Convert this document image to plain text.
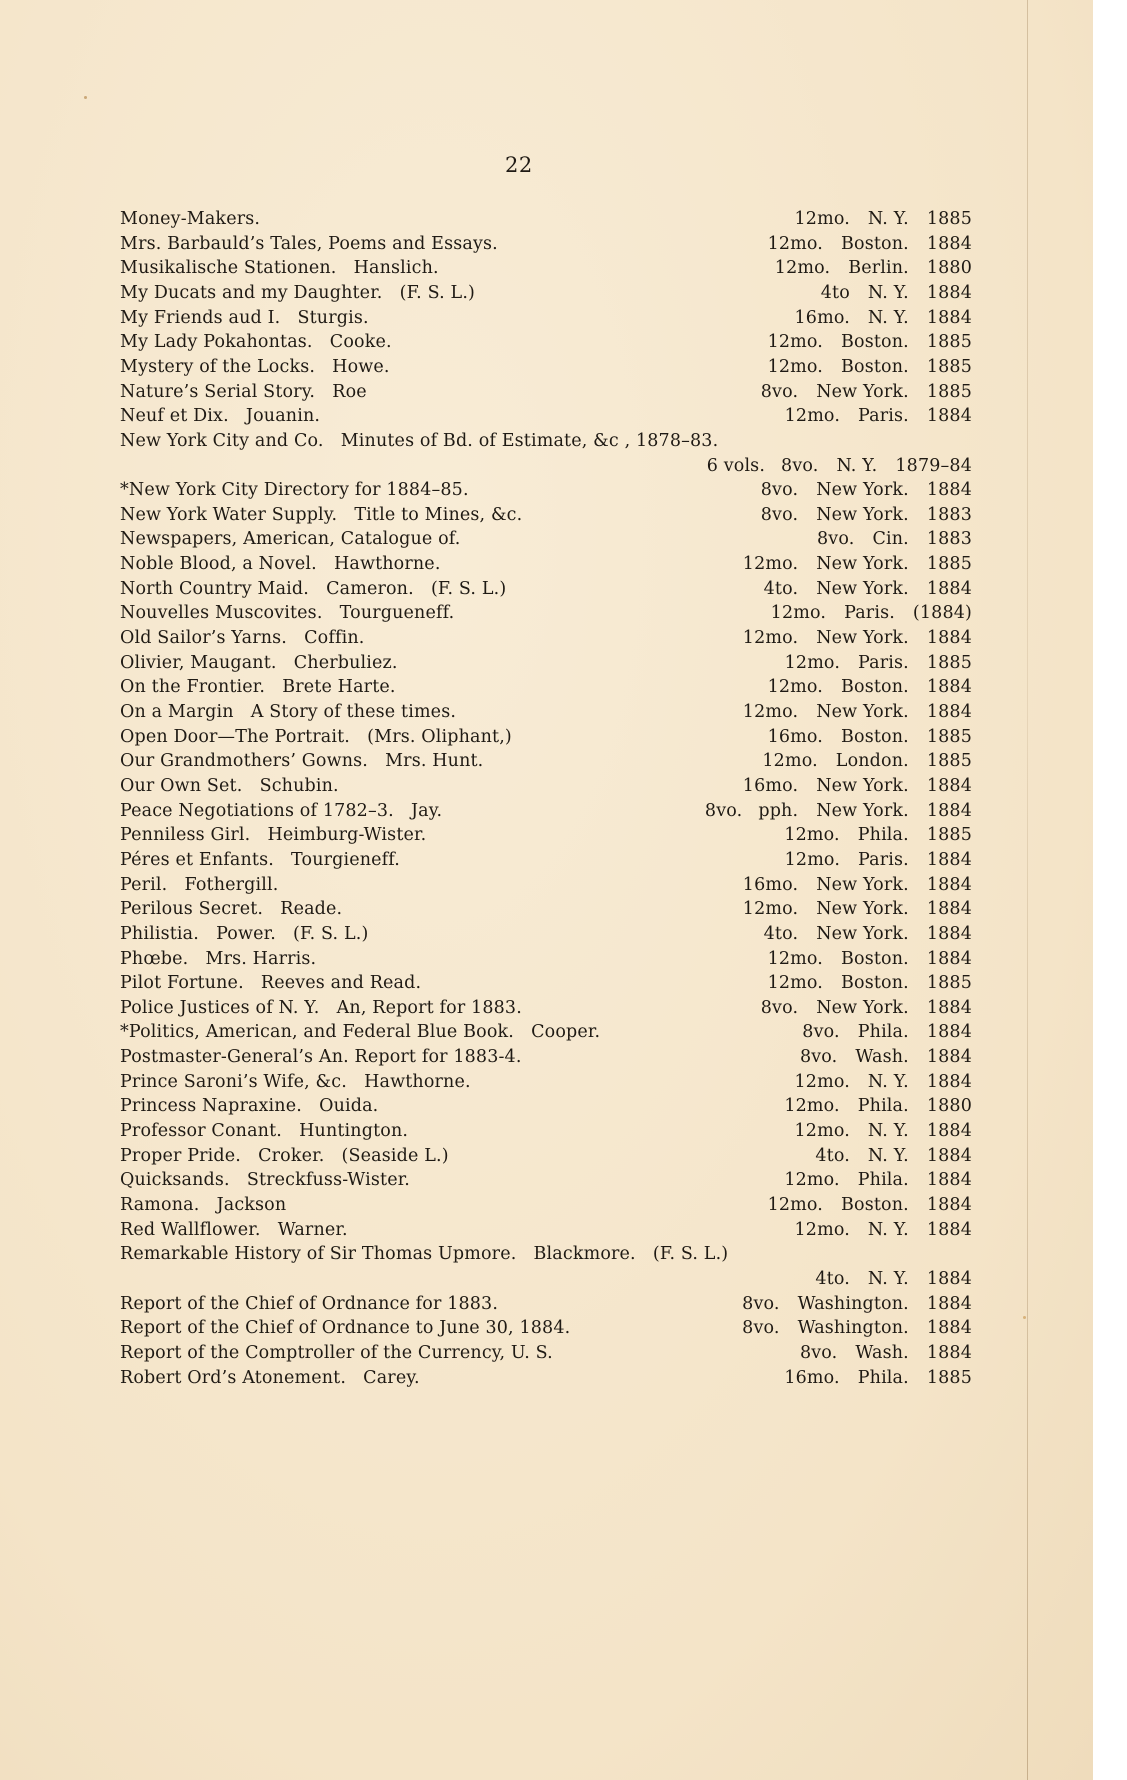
22
Money-Makers.	12mo. N. Y. 1885
Mrs. Barbauld’s Tales, Poems and Essays.	12mo. Boston. 1884
Musikalische Stationen.   Hanslich.	12mo. Berlin. 1880
My Ducats and my Daughter.   (F. S. L.)	4to N. Y. 1884
My Friends aud I.   Sturgis.	16mo. N. Y. 1884
My Lady Pokahontas.   Cooke.	12mo. Boston. 1885
Mystery of the Locks.   Howe.	12mo. Boston. 1885
Nature’s Serial Story.   Roe	8vo. New York. 1885
Neuf et Dix.   Jouanin.	12mo. Paris. 1884
New York City and Co.   Minutes of Bd. of Estimate, &c , 1878–83.
6 vols. 8vo. N. Y. 1879–84
*New York City Directory for 1884–85.	8vo. New York. 1884
New York Water Supply.   Title to Mines, &c.	8vo. New York. 1883
Newspapers, American, Catalogue of.	8vo. Cin. 1883
Noble Blood, a Novel.   Hawthorne.	12mo. New York. 1885
North Country Maid.   Cameron.   (F. S. L.)	4to. New York. 1884
Nouvelles Muscovites.   Tourgueneff.	12mo. Paris. (1884)
Old Sailor’s Yarns.   Coffin.	12mo. New York. 1884
Olivier, Maugant.   Cherbuliez.	12mo. Paris. 1885
On the Frontier.   Brete Harte.	12mo. Boston. 1884
On a Margin   A Story of these times.	12mo. New York. 1884
Open Door—The Portrait.   (Mrs. Oliphant,)	16mo. Boston. 1885
Our Grandmothers’ Gowns.   Mrs. Hunt.	12mo. London. 1885
Our Own Set.   Schubin.	16mo. New York. 1884
Peace Negotiations of 1782–3.   Jay.	8vo. pph. New York. 1884
Penniless Girl.   Heimburg-Wister.	12mo. Phila. 1885
Péres et Enfants.   Tourgieneff.	12mo. Paris. 1884
Peril.   Fothergill.	16mo. New York. 1884
Perilous Secret.   Reade.	12mo. New York. 1884
Philistia.   Power.   (F. S. L.)	4to. New York. 1884
Phœbe.   Mrs. Harris.	12mo. Boston. 1884
Pilot Fortune.   Reeves and Read.	12mo. Boston. 1885
Police Justices of N. Y.   An, Report for 1883.	8vo. New York. 1884
*Politics, American, and Federal Blue Book.   Cooper.	8vo. Phila. 1884
Postmaster-General’s An. Report for 1883-4.	8vo. Wash. 1884
Prince Saroni’s Wife, &c.   Hawthorne.	12mo. N. Y. 1884
Princess Napraxine.   Ouida.	12mo. Phila. 1880
Professor Conant.   Huntington.	12mo. N. Y. 1884
Proper Pride.   Croker.   (Seaside L.)	4to. N. Y. 1884
Quicksands.   Streckfuss-Wister.	12mo. Phila. 1884
Ramona.   Jackson	12mo. Boston. 1884
Red Wallflower.   Warner.	12mo. N. Y. 1884
Remarkable History of Sir Thomas Upmore.   Blackmore.   (F. S. L.)
4to. N. Y. 1884
Report of the Chief of Ordnance for 1883.	8vo. Washington. 1884
Report of the Chief of Ordnance to June 30, 1884.	8vo. Washington. 1884
Report of the Comptroller of the Currency, U. S.	8vo. Wash. 1884
Robert Ord’s Atonement.   Carey.	16mo. Phila. 1885
